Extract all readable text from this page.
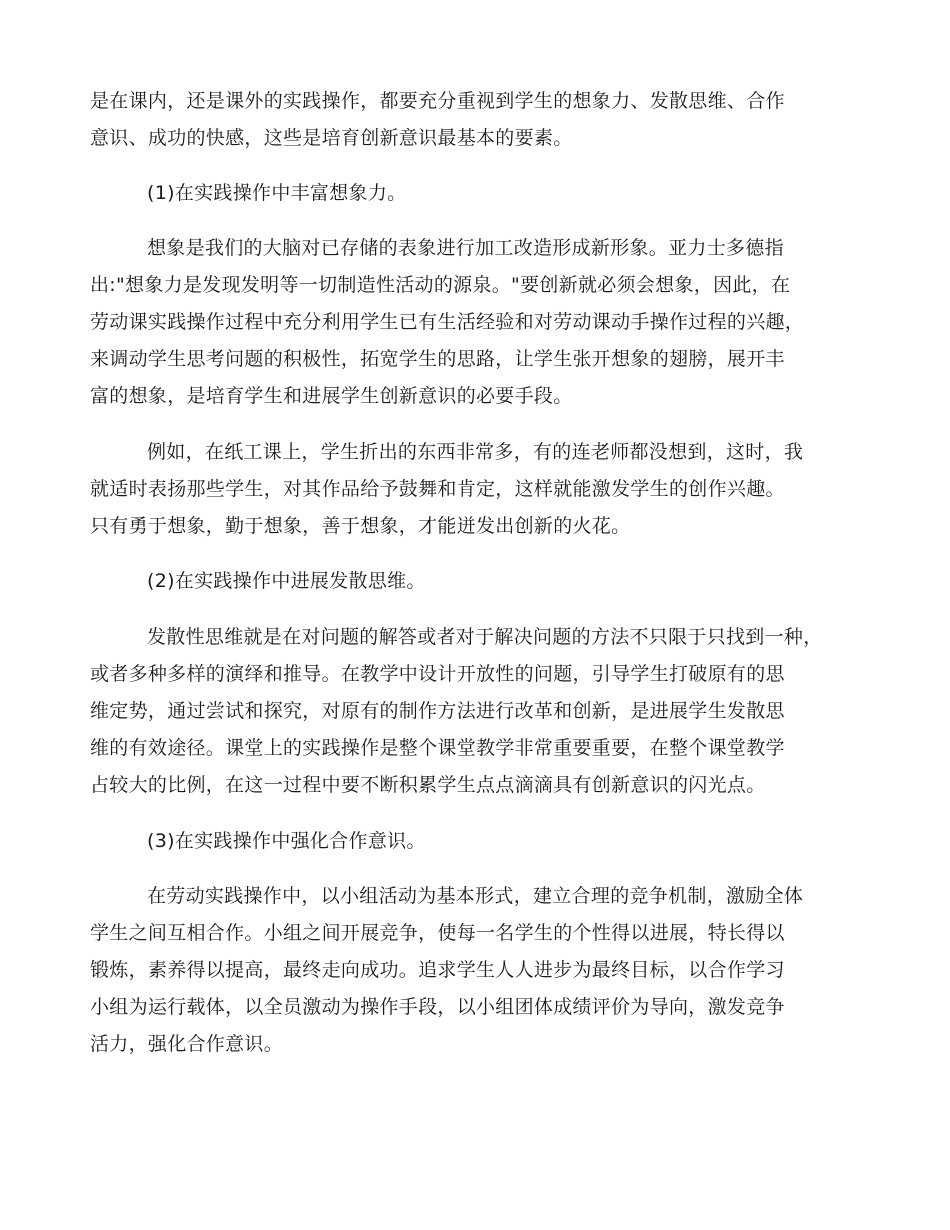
是在课内，还是课外的实践操作，都要充分重视到学生的想象力、发散思维、合作
意识、成功的快感，这些是培育创新意识最基本的要素。
(1)在实践操作中丰富想象力。
想象是我们的大脑对已存储的表象进行加工改造形成新形象。亚力士多德指
出:"想象力是发现发明等一切制造性活动的源泉。"要创新就必须会想象，因此，在
劳动课实践操作过程中充分利用学生已有生活经验和对劳动课动手操作过程的兴趣，
来调动学生思考问题的积极性，拓宽学生的思路，让学生张开想象的翅膀，展开丰
富的想象，是培育学生和进展学生创新意识的必要手段。
例如，在纸工课上，学生折出的东西非常多，有的连老师都没想到，这时，我
就适时表扬那些学生，对其作品给予鼓舞和肯定，这样就能激发学生的创作兴趣。
只有勇于想象，勤于想象，善于想象，才能迸发出创新的火花。
(2)在实践操作中进展发散思维。
发散性思维就是在对问题的解答或者对于解决问题的方法不只限于只找到一种，
或者多种多样的演绎和推导。在教学中设计开放性的问题，引导学生打破原有的思
维定势，通过尝试和探究，对原有的制作方法进行改革和创新，是进展学生发散思
维的有效途径。课堂上的实践操作是整个课堂教学非常重要重要，在整个课堂教学
占较大的比例，在这一过程中要不断积累学生点点滴滴具有创新意识的闪光点。
(3)在实践操作中强化合作意识。
在劳动实践操作中，以小组活动为基本形式，建立合理的竞争机制，激励全体
学生之间互相合作。小组之间开展竞争，使每一名学生的个性得以进展，特长得以
锻炼，素养得以提高，最终走向成功。追求学生人人进步为最终目标，以合作学习
小组为运行载体，以全员激动为操作手段，以小组团体成绩评价为导向，激发竞争
活力，强化合作意识。
